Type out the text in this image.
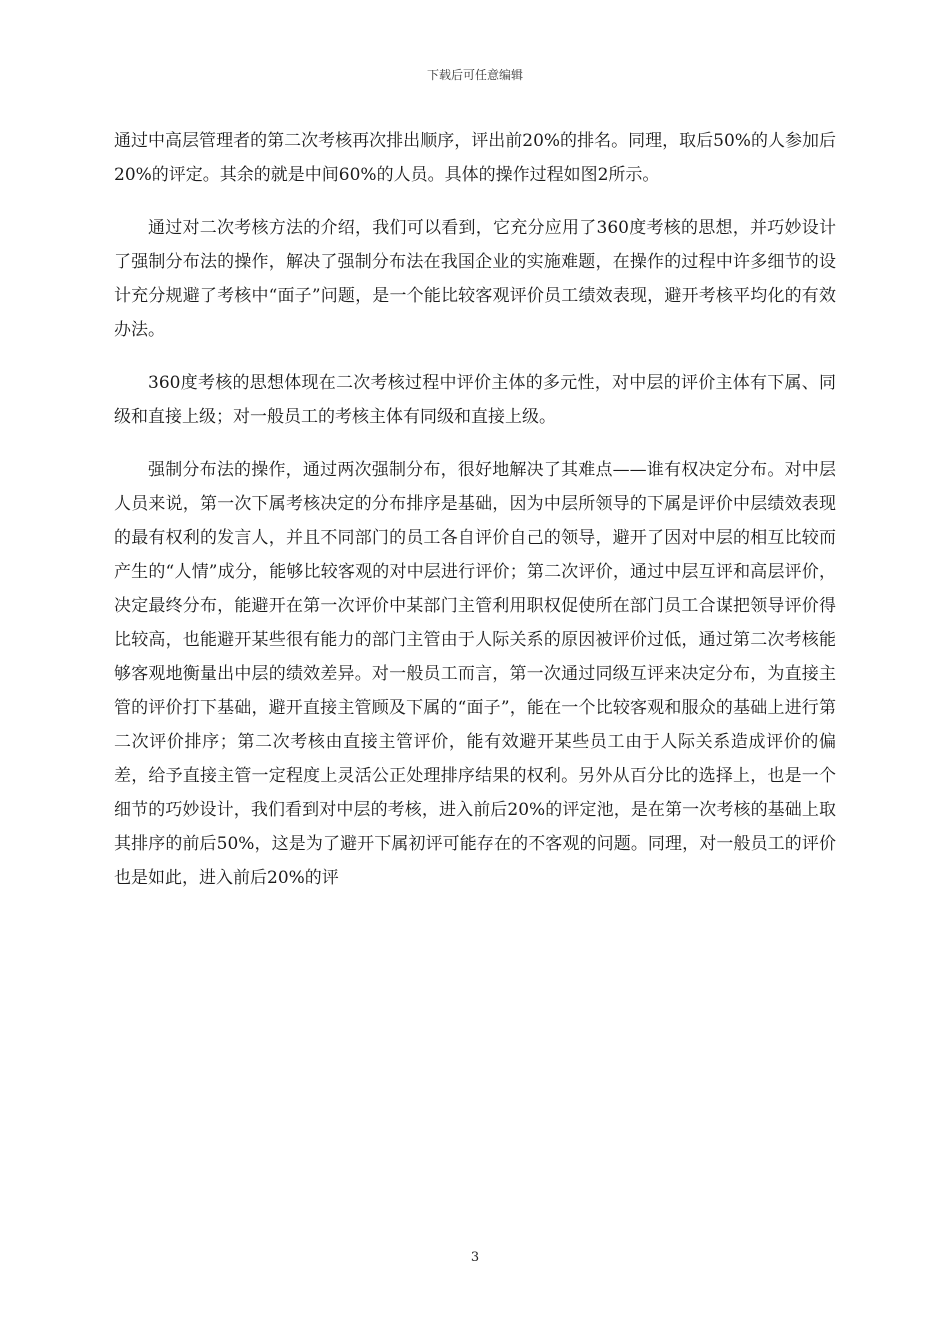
下载后可任意编辑

通过中高层管理者的第二次考核再次排出顺序，评出前20%的排名。同理，取后50%的人参加后20%的评定。其余的就是中间60%的人员。具体的操作过程如图2所示。

通过对二次考核方法的介绍，我们可以看到，它充分应用了360度考核的思想，并巧妙设计了强制分布法的操作，解决了强制分布法在我国企业的实施难题，在操作的过程中许多细节的设计充分规避了考核中“面子”问题，是一个能比较客观评价员工绩效表现，避开考核平均化的有效办法。

360度考核的思想体现在二次考核过程中评价主体的多元性，对中层的评价主体有下属、同级和直接上级；对一般员工的考核主体有同级和直接上级。

强制分布法的操作，通过两次强制分布，很好地解决了其难点——谁有权决定分布。对中层人员来说，第一次下属考核决定的分布排序是基础，因为中层所领导的下属是评价中层绩效表现的最有权利的发言人，并且不同部门的员工各自评价自己的领导，避开了因对中层的相互比较而产生的“人情”成分，能够比较客观的对中层进行评价；第二次评价，通过中层互评和高层评价，决定最终分布，能避开在第一次评价中某部门主管利用职权促使所在部门员工合谋把领导评价得比较高，也能避开某些很有能力的部门主管由于人际关系的原因被评价过低，通过第二次考核能够客观地衡量出中层的绩效差异。对一般员工而言，第一次通过同级互评来决定分布，为直接主管的评价打下基础，避开直接主管顾及下属的“面子”，能在一个比较客观和服众的基础上进行第二次评价排序；第二次考核由直接主管评价，能有效避开某些员工由于人际关系造成评价的偏差，给予直接主管一定程度上灵活公正处理排序结果的权利。另外从百分比的选择上，也是一个细节的巧妙设计，我们看到对中层的考核，进入前后20%的评定池，是在第一次考核的基础上取其排序的前后50%，这是为了避开下属初评可能存在的不客观的问题。同理，对一般员工的评价也是如此，进入前后20%的评

3
